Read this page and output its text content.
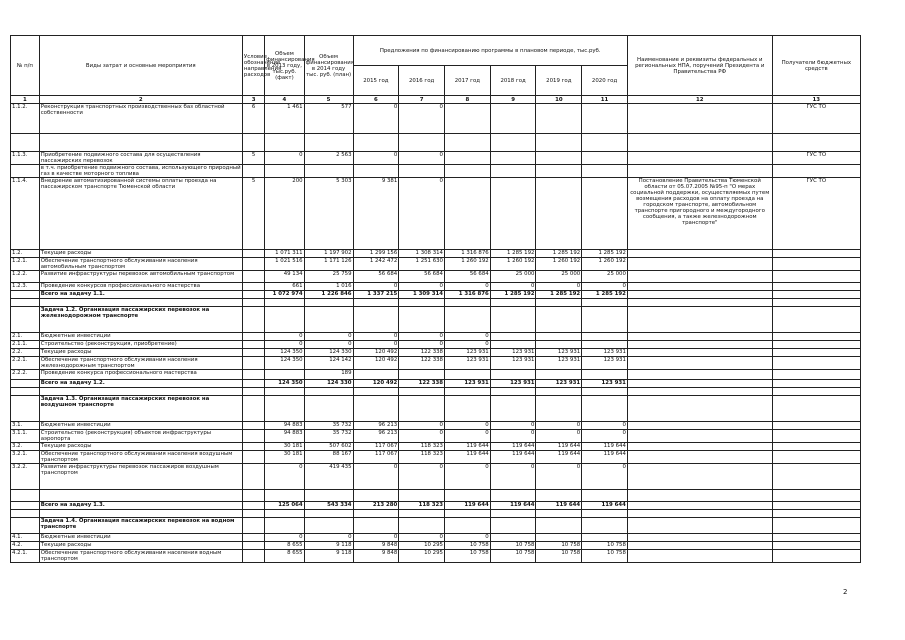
№ п/п	Виды затрат и основные мероприятия	Условие обозначение направления расходов	Объем финансирования в 2013 году, тыс.руб. (факт)	Объем финансирования в 2014 году тыс. руб. (план)	Предложения по финансированию программы в плановом периоде, тыс.руб.						Наименование и реквизиты федеральных и региональных НПА, поручений Президента и Правительства РФ	Получатели бюджетных средств
					2015 год	2016 год	2017 год	2018 год	2019 год	2020 год		
1	2	3	4	5	6	7	8	9	10	11	12	13
1.1.2.	Реконструкция транспортных производственных баз областной собственности	6	1 461	577	0	0						ГУС ТО

1.1.3.	Приобретение подвижного состава для осуществления пассажирских перевозок	5	0	2 563	0	0						ГУС ТО
	в т.ч. приобретение подвижного состава, использующего природный газ в качестве моторного топлива											
1.1.4.	Внедрение автоматизированной системы оплаты проезда на пассажирском транспорте Тюменской области	5	200	5 303	9 381	0					Постановление Правительства Тюменской области от 05.07.2005 №95-п "О мерах социальной поддержки, осуществляемых путем возмещения расходов на оплату проезда на городском транспорте, автомобильном транспорте пригородного и междугородного сообщения, а также железнодорожном транспорте"	ГУС ТО
1.2.	Текущие расходы		1 071 311	1 197 902	1 299 156	1 308 314	1 316 876	1 285 192	1 285 192	1 285 192		
1.2.1.	Обеспечение транспортного обслуживания населения автомобильным транспортом		1 021 516	1 171 126	1 242 472	1 251 630	1 260 192	1 260 192	1 260 192	1 260 192		
1.2.2.	Развитие инфраструктуры перевозок автомобильным транспортом		49 134	25 759	56 684	56 684	56 684	25 000	25 000	25 000		
1.2.3.	Проведение конкурсов профессионального мастерства		661	1 016	0	0	0	0	0	0		
	Всего на задачу 1.1.		1 072 974	1 226 846	1 337 215	1 309 314	1 316 876	1 285 192	1 285 192	1 285 192		

	Задача 1.2. Организация пассажирских перевозок на железнодорожном транспорте											
2.1.	Бюджетные инвестиции		0	0	0	0	0					
2.1.1.	Строительство (реконструкция, приобретение)		0	0	0	0	0					
2.2.	Текущие расходы		124 350	124 330	120 492	122 338	123 931	123 931	123 931	123 931		
2.2.1.	Обеспечение транспортного обслуживания населения железнодорожным транспортом		124 350	124 142	120 492	122 338	123 931	123 931	123 931	123 931		
2.2.2.	Проведение конкурса профессионального мастерства			189								
	Всего на задачу 1.2.		124 350	124 330	120 492	122 338	123 931	123 931	123 931	123 931		

	Задача 1.3. Организация пассажирских перевозок на воздушном транспорте											
3.1.	Бюджетные инвестиции		94 883	35 732	96 213	0	0	0	0	0		
3.1.1.	Строительство (реконструкция) объектов инфраструктуры аэропорта		94 883	35 732	96 213	0	0	0	0	0		
3.2.	Текущие расходы		30 181	507 602	117 067	118 323	119 644	119 644	119 644	119 644		
3.2.1.	Обеспечение транспортного обслуживания населения воздушным транспортом		30 181	88 167	117 067	118 323	119 644	119 644	119 644	119 644		
3.2.2.	Развитие инфраструктуры перевозок пассажиров воздушным транспортом		0	419 435	0	0	0	0	0	0		

	Всего на задачу 1.3.		125 064	543 334	213 280	118 323	119 644	119 644	119 644	119 644		

	Задача 1.4. Организация пассажирских перевозок на водном транспорте											
4.1.	Бюджетные инвестиции		0	0	0	0	0					
4.2.	Текущие расходы		8 655	9 118	9 848	10 295	10 758	10 758	10 758	10 758		
4.2.1.	Обеспечение транспортного обслуживания населения водным транспортом		8 655	9 118	9 848	10 295	10 758	10 758	10 758	10 758		
2
